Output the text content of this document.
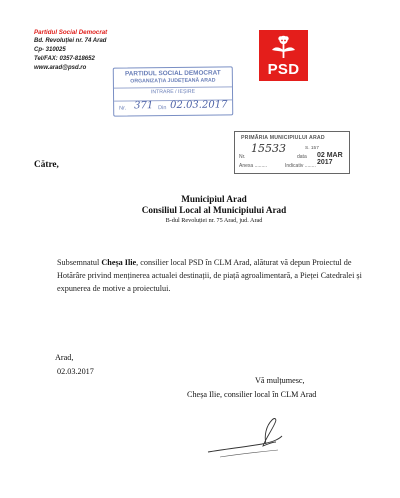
Partidul Social Democrat
Bd. Revoluției nr. 74 Arad
Cp- 310025
Tel/FAX: 0357-818652
www.arad@psd.ro	PSD
PARTIDUL SOCIAL DEMOCRAT
ORGANIZAȚIA JUDEȚEANĂ ARAD
INTRARE / IEȘIRE
Nr. 371 Din 02.03.2017
PRIMĂRIA MUNICIPIULUI ARAD
Nr.
15533	S. 157
data 02 MAR 2017
Anexa .........	Indicativ ........
Către,
Municipiul Arad
Consiliul Local al Municipiului Arad
B-dul Revoluției nr. 75 Arad, jud. Arad
Subsemnatul Cheșa Ilie, consilier local PSD în CLM Arad, alăturat vă depun Proiectul de Hotărâre privind menținerea actualei destinații, de piață agroalimentară, a Pieței Catedralei și expunerea de motive a proiectului.
Arad,
02.03.2017
Vă mulțumesc,
Cheșa Ilie, consilier local în CLM Arad
